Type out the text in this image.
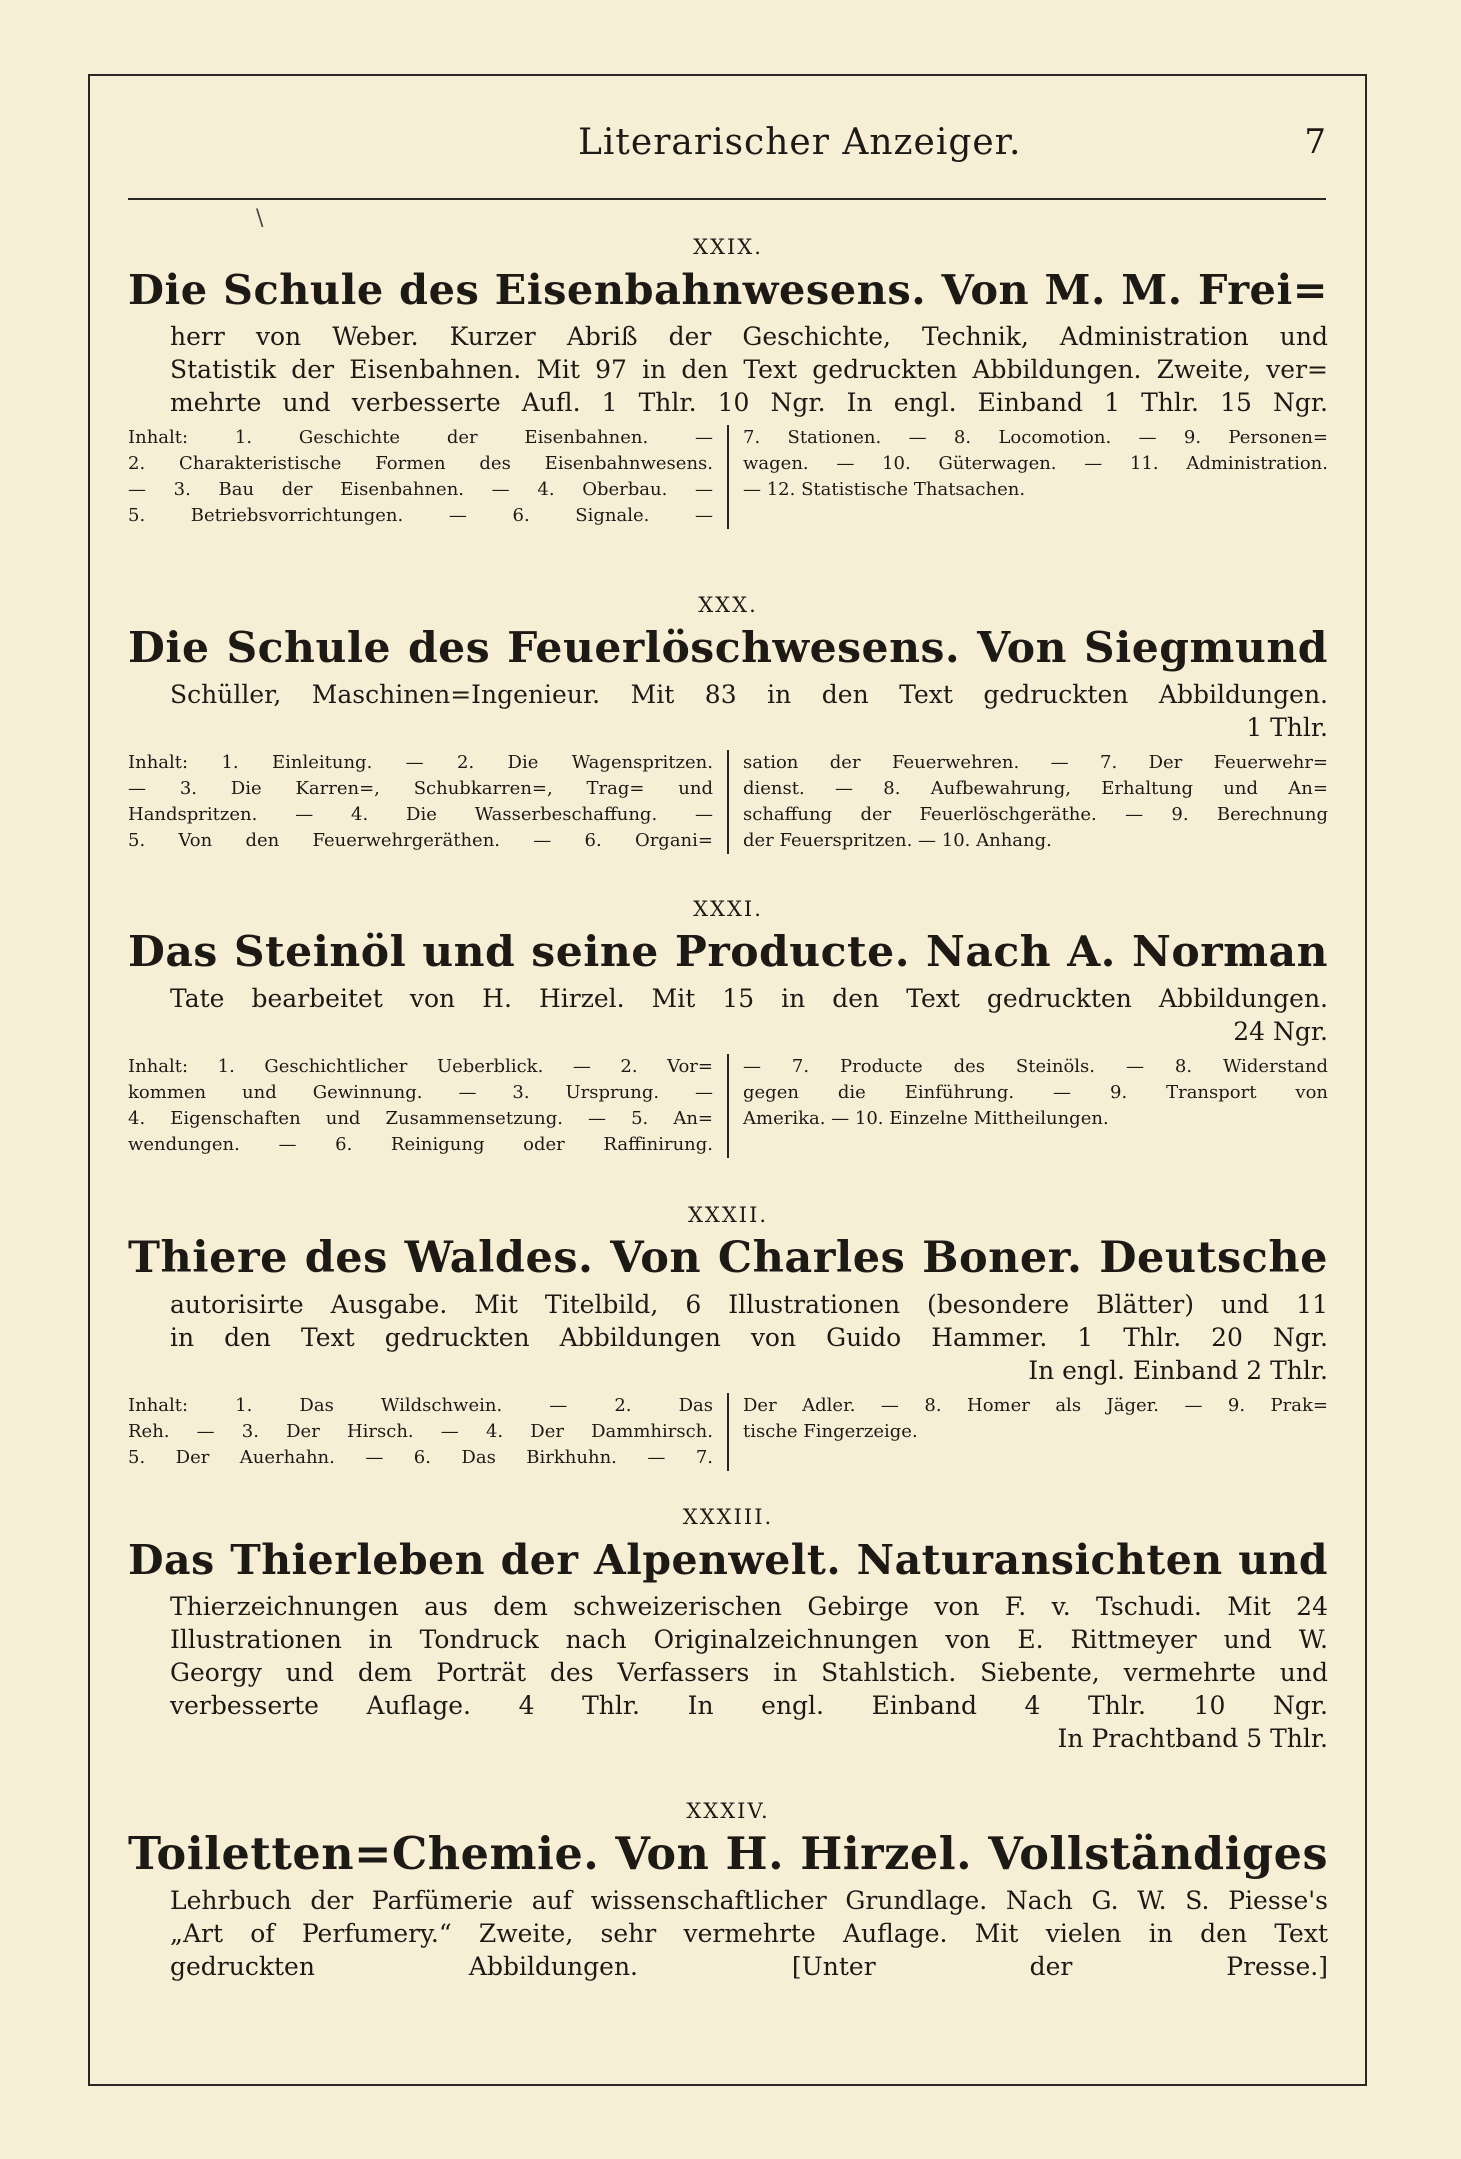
Literarischer Anzeiger.	7
\
XXIX.
Die Schule des Eisenbahnwesens. Von M. M. Frei=
herr von Weber. Kurzer Abriß der Geschichte, Technik, Administration und
Statistik der Eisenbahnen. Mit 97 in den Text gedruckten Abbildungen. Zweite, ver=
mehrte und verbesserte Aufl. 1 Thlr. 10 Ngr. In engl. Einband 1 Thlr. 15 Ngr.
Inhalt: 1. Geschichte der Eisenbahnen. —
2. Charakteristische Formen des Eisenbahnwesens.
— 3. Bau der Eisenbahnen. — 4. Oberbau. —
5. Betriebsvorrichtungen. — 6. Signale. —
7. Stationen. — 8. Locomotion. — 9. Personen=
wagen. — 10. Güterwagen. — 11. Administration.
— 12. Statistische Thatsachen.
XXX.
Die Schule des Feuerlöschwesens. Von Siegmund
Schüller, Maschinen=Ingenieur. Mit 83 in den Text gedruckten Abbildungen.
1 Thlr.
Inhalt: 1. Einleitung. — 2. Die Wagenspritzen.
— 3. Die Karren=, Schubkarren=, Trag= und
Handspritzen. — 4. Die Wasserbeschaffung. —
5. Von den Feuerwehrgeräthen. — 6. Organi=
sation der Feuerwehren. — 7. Der Feuerwehr=
dienst. — 8. Aufbewahrung, Erhaltung und An=
schaffung der Feuerlöschgeräthe. — 9. Berechnung
der Feuerspritzen. — 10. Anhang.
XXXI.
Das Steinöl und seine Producte. Nach A. Norman
Tate bearbeitet von H. Hirzel. Mit 15 in den Text gedruckten Abbildungen.
24 Ngr.
Inhalt: 1. Geschichtlicher Ueberblick. — 2. Vor=
kommen und Gewinnung. — 3. Ursprung. —
4. Eigenschaften und Zusammensetzung. — 5. An=
wendungen. — 6. Reinigung oder Raffinirung.
— 7. Producte des Steinöls. — 8. Widerstand
gegen die Einführung. — 9. Transport von
Amerika. — 10. Einzelne Mittheilungen.
XXXII.
Thiere des Waldes. Von Charles Boner. Deutsche
autorisirte Ausgabe. Mit Titelbild, 6 Illustrationen (besondere Blätter) und 11
in den Text gedruckten Abbildungen von Guido Hammer. 1 Thlr. 20 Ngr.
In engl. Einband 2 Thlr.
Inhalt: 1. Das Wildschwein. — 2. Das
Reh. — 3. Der Hirsch. — 4. Der Dammhirsch.
5. Der Auerhahn. — 6. Das Birkhuhn. — 7.
Der Adler. — 8. Homer als Jäger. — 9. Prak=
tische Fingerzeige.
XXXIII.
Das Thierleben der Alpenwelt. Naturansichten und
Thierzeichnungen aus dem schweizerischen Gebirge von F. v. Tschudi. Mit 24
Illustrationen in Tondruck nach Originalzeichnungen von E. Rittmeyer und W.
Georgy und dem Porträt des Verfassers in Stahlstich. Siebente, vermehrte und
verbesserte Auflage. 4 Thlr. In engl. Einband 4 Thlr. 10 Ngr.
In Prachtband 5 Thlr.
XXXIV.
Toiletten=Chemie. Von H. Hirzel. Vollständiges
Lehrbuch der Parfümerie auf wissenschaftlicher Grundlage. Nach G. W. S. Piesse's
„Art of Perfumery.“ Zweite, sehr vermehrte Auflage. Mit vielen in den Text
gedruckten Abbildungen. [Unter der Presse.]
